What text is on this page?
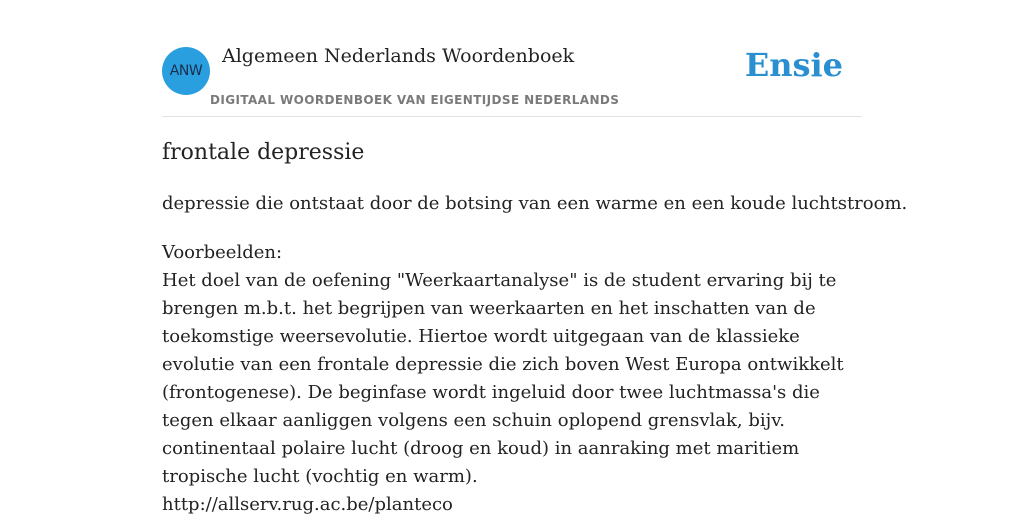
ANW
Algemeen Nederlands Woordenboek
DIGITAAL WOORDENBOEK VAN EIGENTIJDSE NEDERLANDS
Ensie
frontale depressie

depressie die ontstaat door de botsing van een warme en een koude luchtstroom.

Voorbeelden:
Het doel van de oefening "Weerkaartanalyse" is de student ervaring bij te brengen m.b.t. het begrijpen van weerkaarten en het inschatten van de toekomstige weersevolutie. Hiertoe wordt uitgegaan van de klassieke evolutie van een frontale depressie die zich boven West Europa ontwikkelt (frontogenese). De beginfase wordt ingeluid door twee luchtmassa's die tegen elkaar aanliggen volgens een schuin oplopend grensvlak, bijv. continentaal polaire lucht (droog en koud) in aanraking met maritiem tropische lucht (vochtig en warm).
http://allserv.rug.ac.be/planteco
